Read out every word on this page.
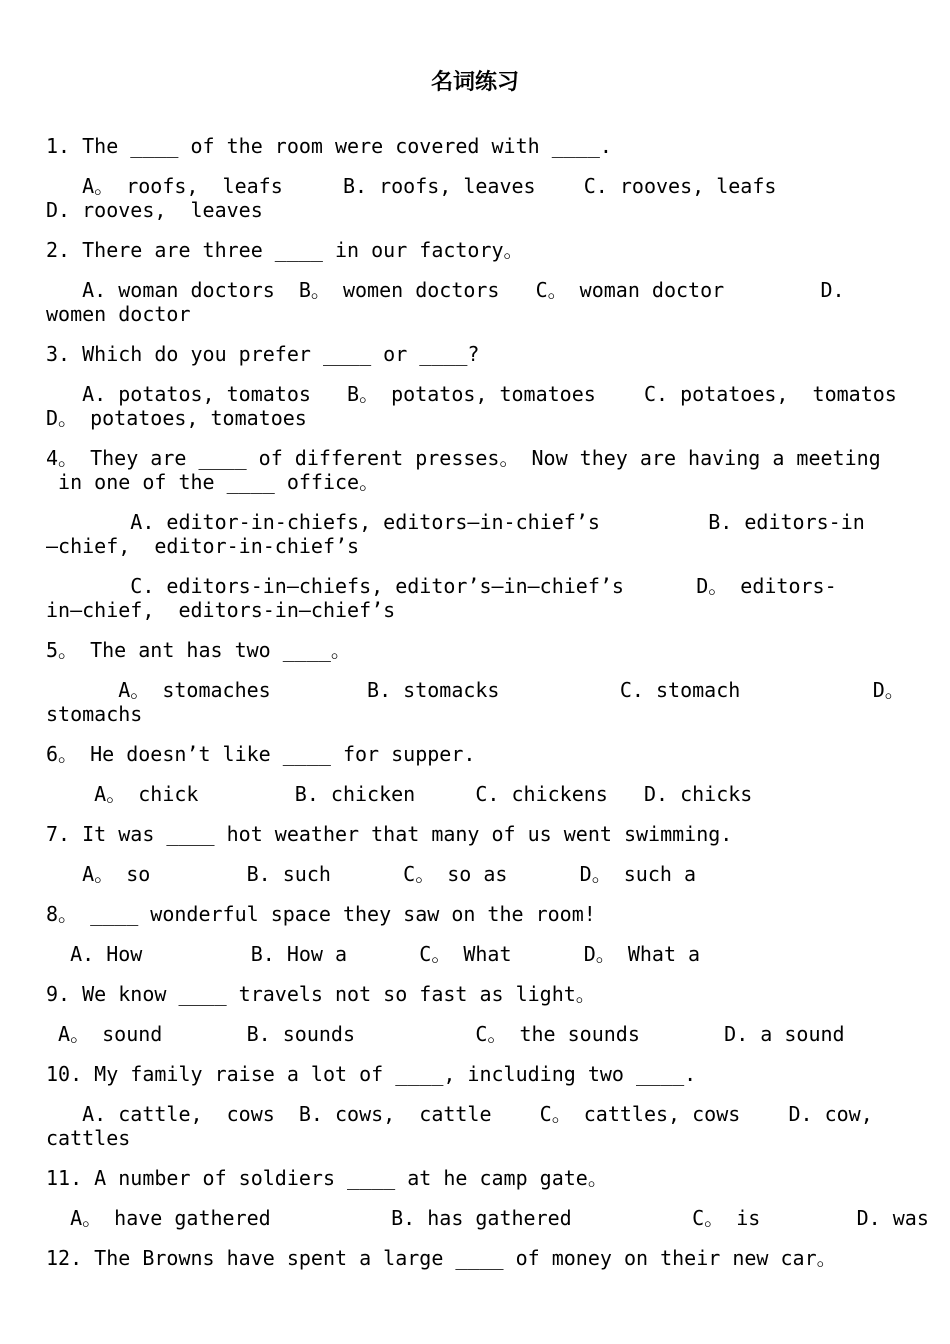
名词练习
1. The ____ of the room were covered with ____.
A。 roofs,  leafs     B. roofs, leaves    C. rooves, leafs
D. rooves,  leaves
2. There are three ____ in our factory。
A. woman doctors  B。 women doctors   C。 woman doctor        D.
women doctor
3. Which do you prefer ____ or ____?
A. potatos, tomatos   B。 potatos, tomatoes    C. potatoes,  tomatos
D。 potatoes, tomatoes
4。 They are ____ of different presses。 Now they are having a meeting
in one of the ____ office。
A. editor-in-chiefs, editors—in-chief’s         B. editors-in
—chief,  editor-in-chief’s
C. editors-in—chiefs, editor’s—in—chief’s      D。 editors-
in—chief,  editors-in—chief’s
5。 The ant has two ____。
A。 stomaches        B. stomacks          C. stomach           D。
stomachs
6。 He doesn’t like ____ for supper.
A。 chick        B. chicken     C. chickens   D. chicks
7. It was ____ hot weather that many of us went swimming.
A。 so        B. such      C。 so as      D。 such a
8。 ____ wonderful space they saw on the room!
A. How         B. How a      C。 What      D。 What a
9. We know ____ travels not so fast as light。
A。 sound       B. sounds          C。 the sounds       D. a sound
10. My family raise a lot of ____, including two ____.
A. cattle,  cows  B. cows,  cattle    C。 cattles, cows    D. cow,
cattles
11. A number of soldiers ____ at he camp gate。
A。 have gathered          B. has gathered          C。 is        D. was
12. The Browns have spent a large ____ of money on their new car。
